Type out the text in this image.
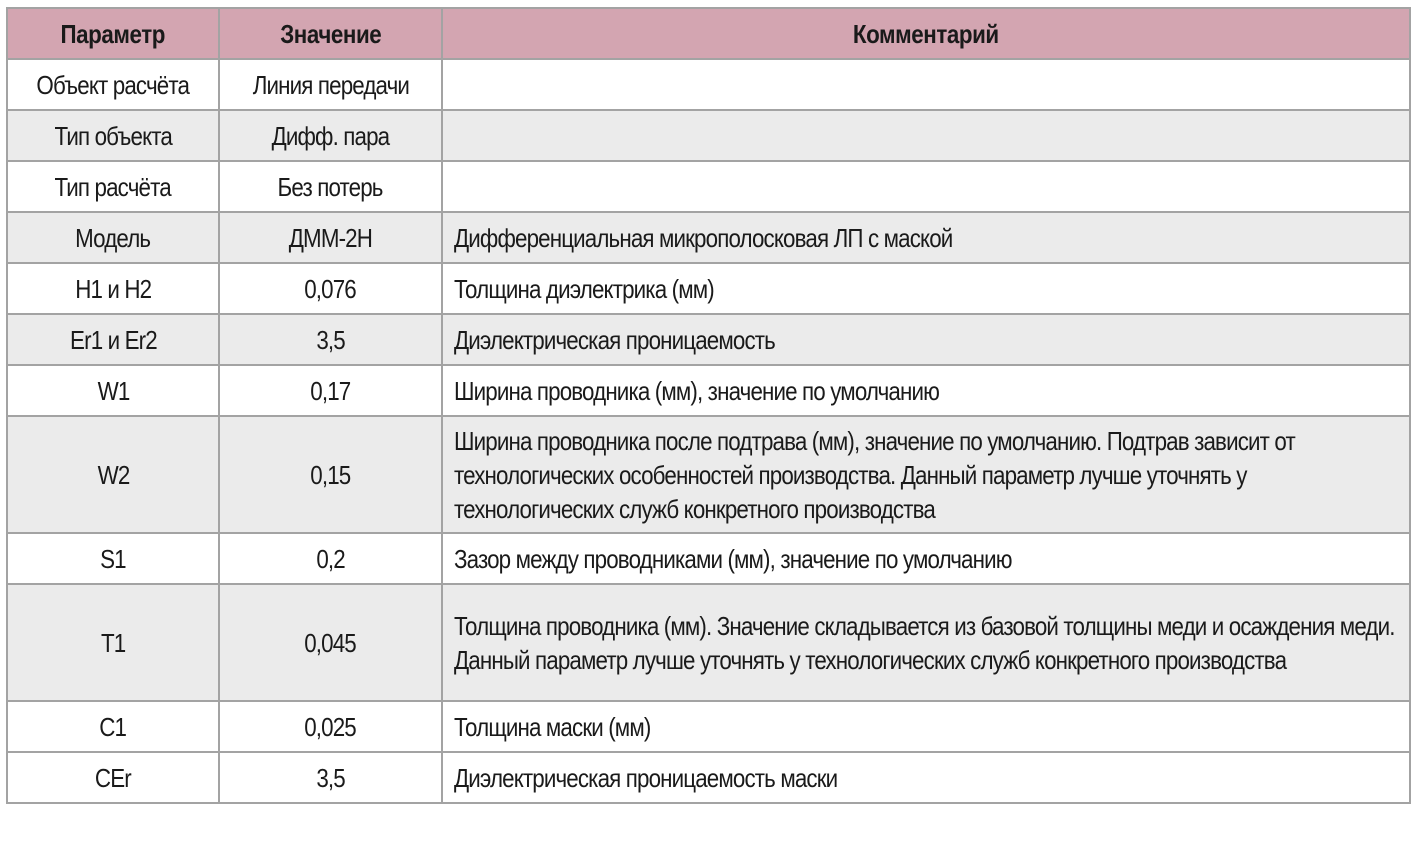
Параметр	Значение	Комментарий
Объект расчёта	Линия передачи	
Тип объекта	Дифф. пара	
Тип расчёта	Без потерь	
Модель	ДММ-2Н	Дифференциальная микрополосковая ЛП с маской
H1 и H2	0,076	Толщина диэлектрика (мм)
Er1 и Er2	3,5	Диэлектрическая проницаемость
W1	0,17	Ширина проводника (мм), значение по умолчанию
W2	0,15	Ширина проводника после подтрава (мм), значение по умолчанию. Подтрав зависит от технологических особенностей производства. Данный параметр лучше уточнять у технологических служб конкретного производства

S1	0,2	Зазор между проводниками (мм), значение по умолчанию
T1	0,045	Толщина проводника (мм). Значение складывается из базовой толщины меди и осаждения меди. Данный параметр лучше уточнять у технологических служб конкретного производства

C1	0,025	Толщина маски (мм)
CEr	3,5	Диэлектрическая проницаемость маски
